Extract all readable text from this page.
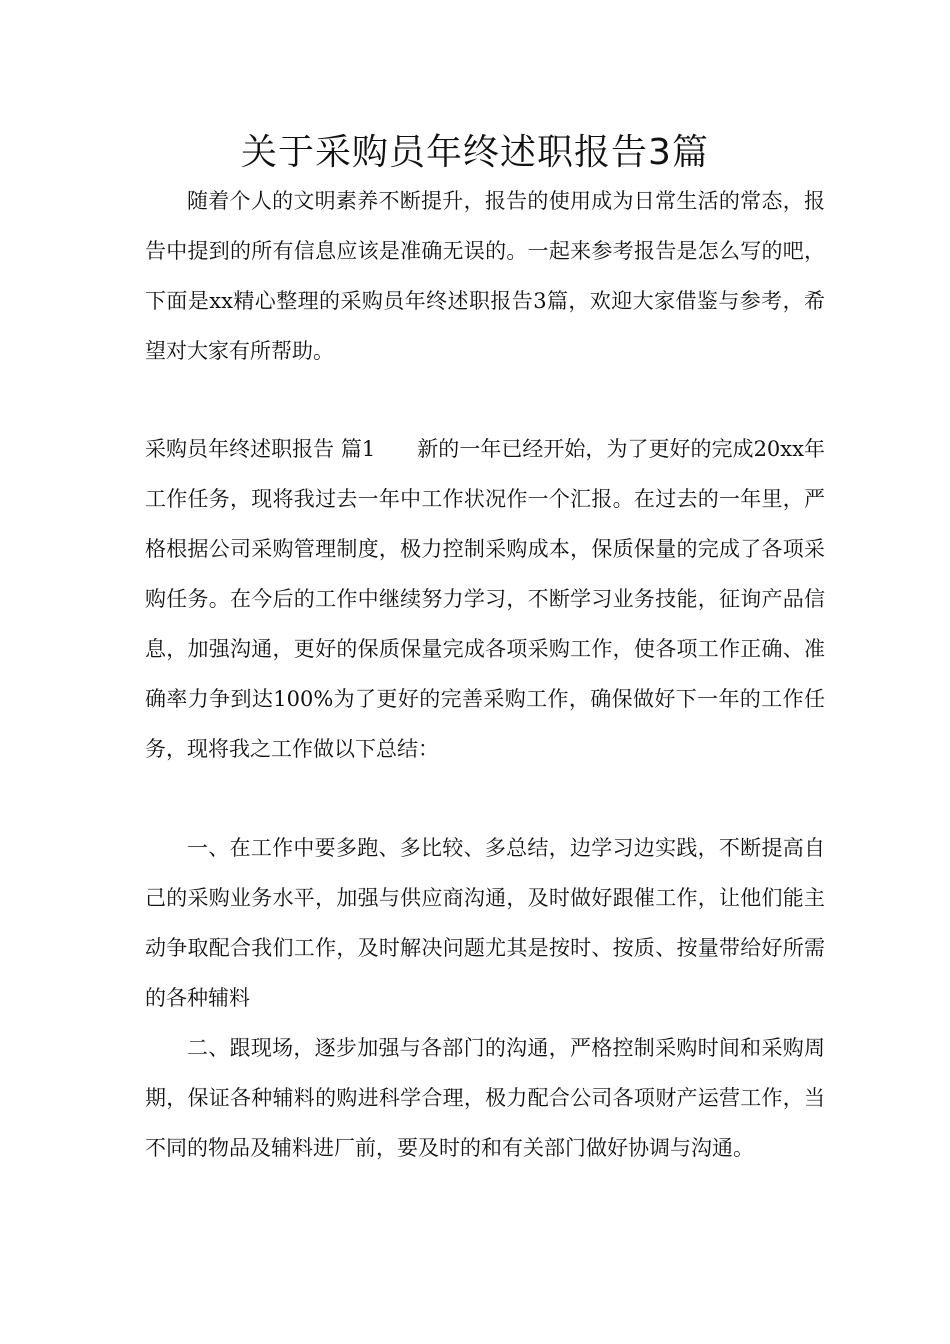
关于采购员年终述职报告3篇

随着个人的文明素养不断提升，报告的使用成为日常生活的常态，报告中提到的所有信息应该是准确无误的。一起来参考报告是怎么写的吧，下面是xx精心整理的采购员年终述职报告3篇，欢迎大家借鉴与参考，希望对大家有所帮助。

采购员年终述职报告 篇1　　新的一年已经开始，为了更好的完成20xx年工作任务，现将我过去一年中工作状况作一个汇报。在过去的一年里，严格根据公司采购管理制度，极力控制采购成本，保质保量的完成了各项采购任务。在今后的工作中继续努力学习，不断学习业务技能，征询产品信息，加强沟通，更好的保质保量完成各项采购工作，使各项工作正确、准确率力争到达100%为了更好的完善采购工作，确保做好下一年的工作任务，现将我之工作做以下总结：

一、在工作中要多跑、多比较、多总结，边学习边实践，不断提高自己的采购业务水平，加强与供应商沟通，及时做好跟催工作，让他们能主动争取配合我们工作，及时解决问题尤其是按时、按质、按量带给好所需的各种辅料

二、跟现场，逐步加强与各部门的沟通，严格控制采购时间和采购周期，保证各种辅料的购进科学合理，极力配合公司各项财产运营工作，当不同的物品及辅料进厂前，要及时的和有关部门做好协调与沟通。
